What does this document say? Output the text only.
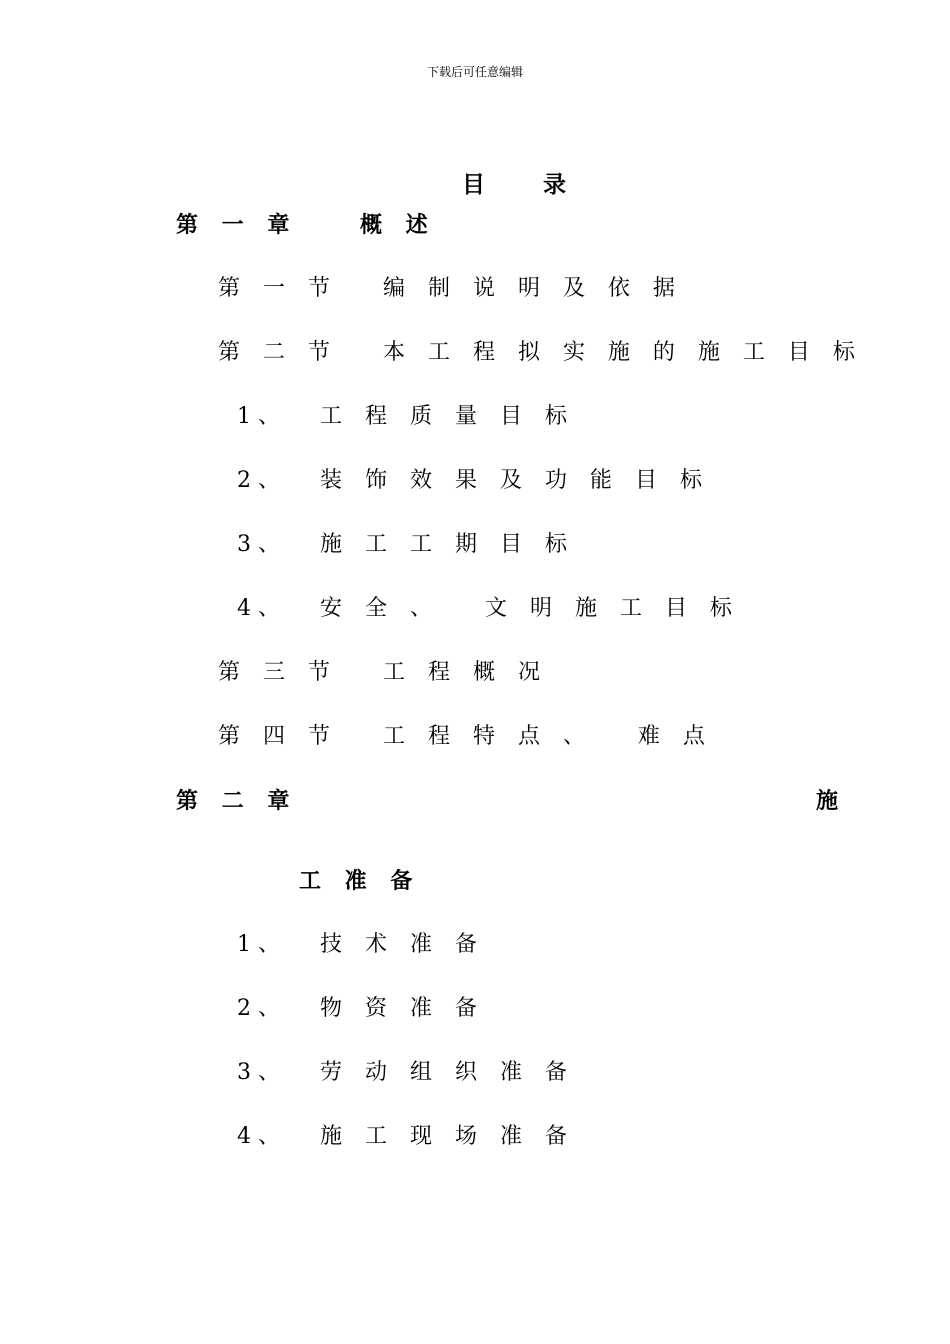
下载后可任意编辑

目	录

第 一 章    概 述
第 一 节   编 制 说 明 及 依 据
第 二 节   本 工 程 拟 实 施 的 施 工 目 标
1 、 工 程 质 量 目 标
2 、 装 饰 效 果 及 功 能 目 标
3 、 施 工 工 期 目 标
4 、 安 全 、   文 明 施 工 目 标
第 三 节   工 程 概 况
第 四 节   工 程 特 点 、   难 点
第 二 章	施
工 准 备
1 、 技 术 准 备
2 、 物 资 准 备
3 、 劳 动 组 织 准 备
4 、 施 工 现 场 准 备
